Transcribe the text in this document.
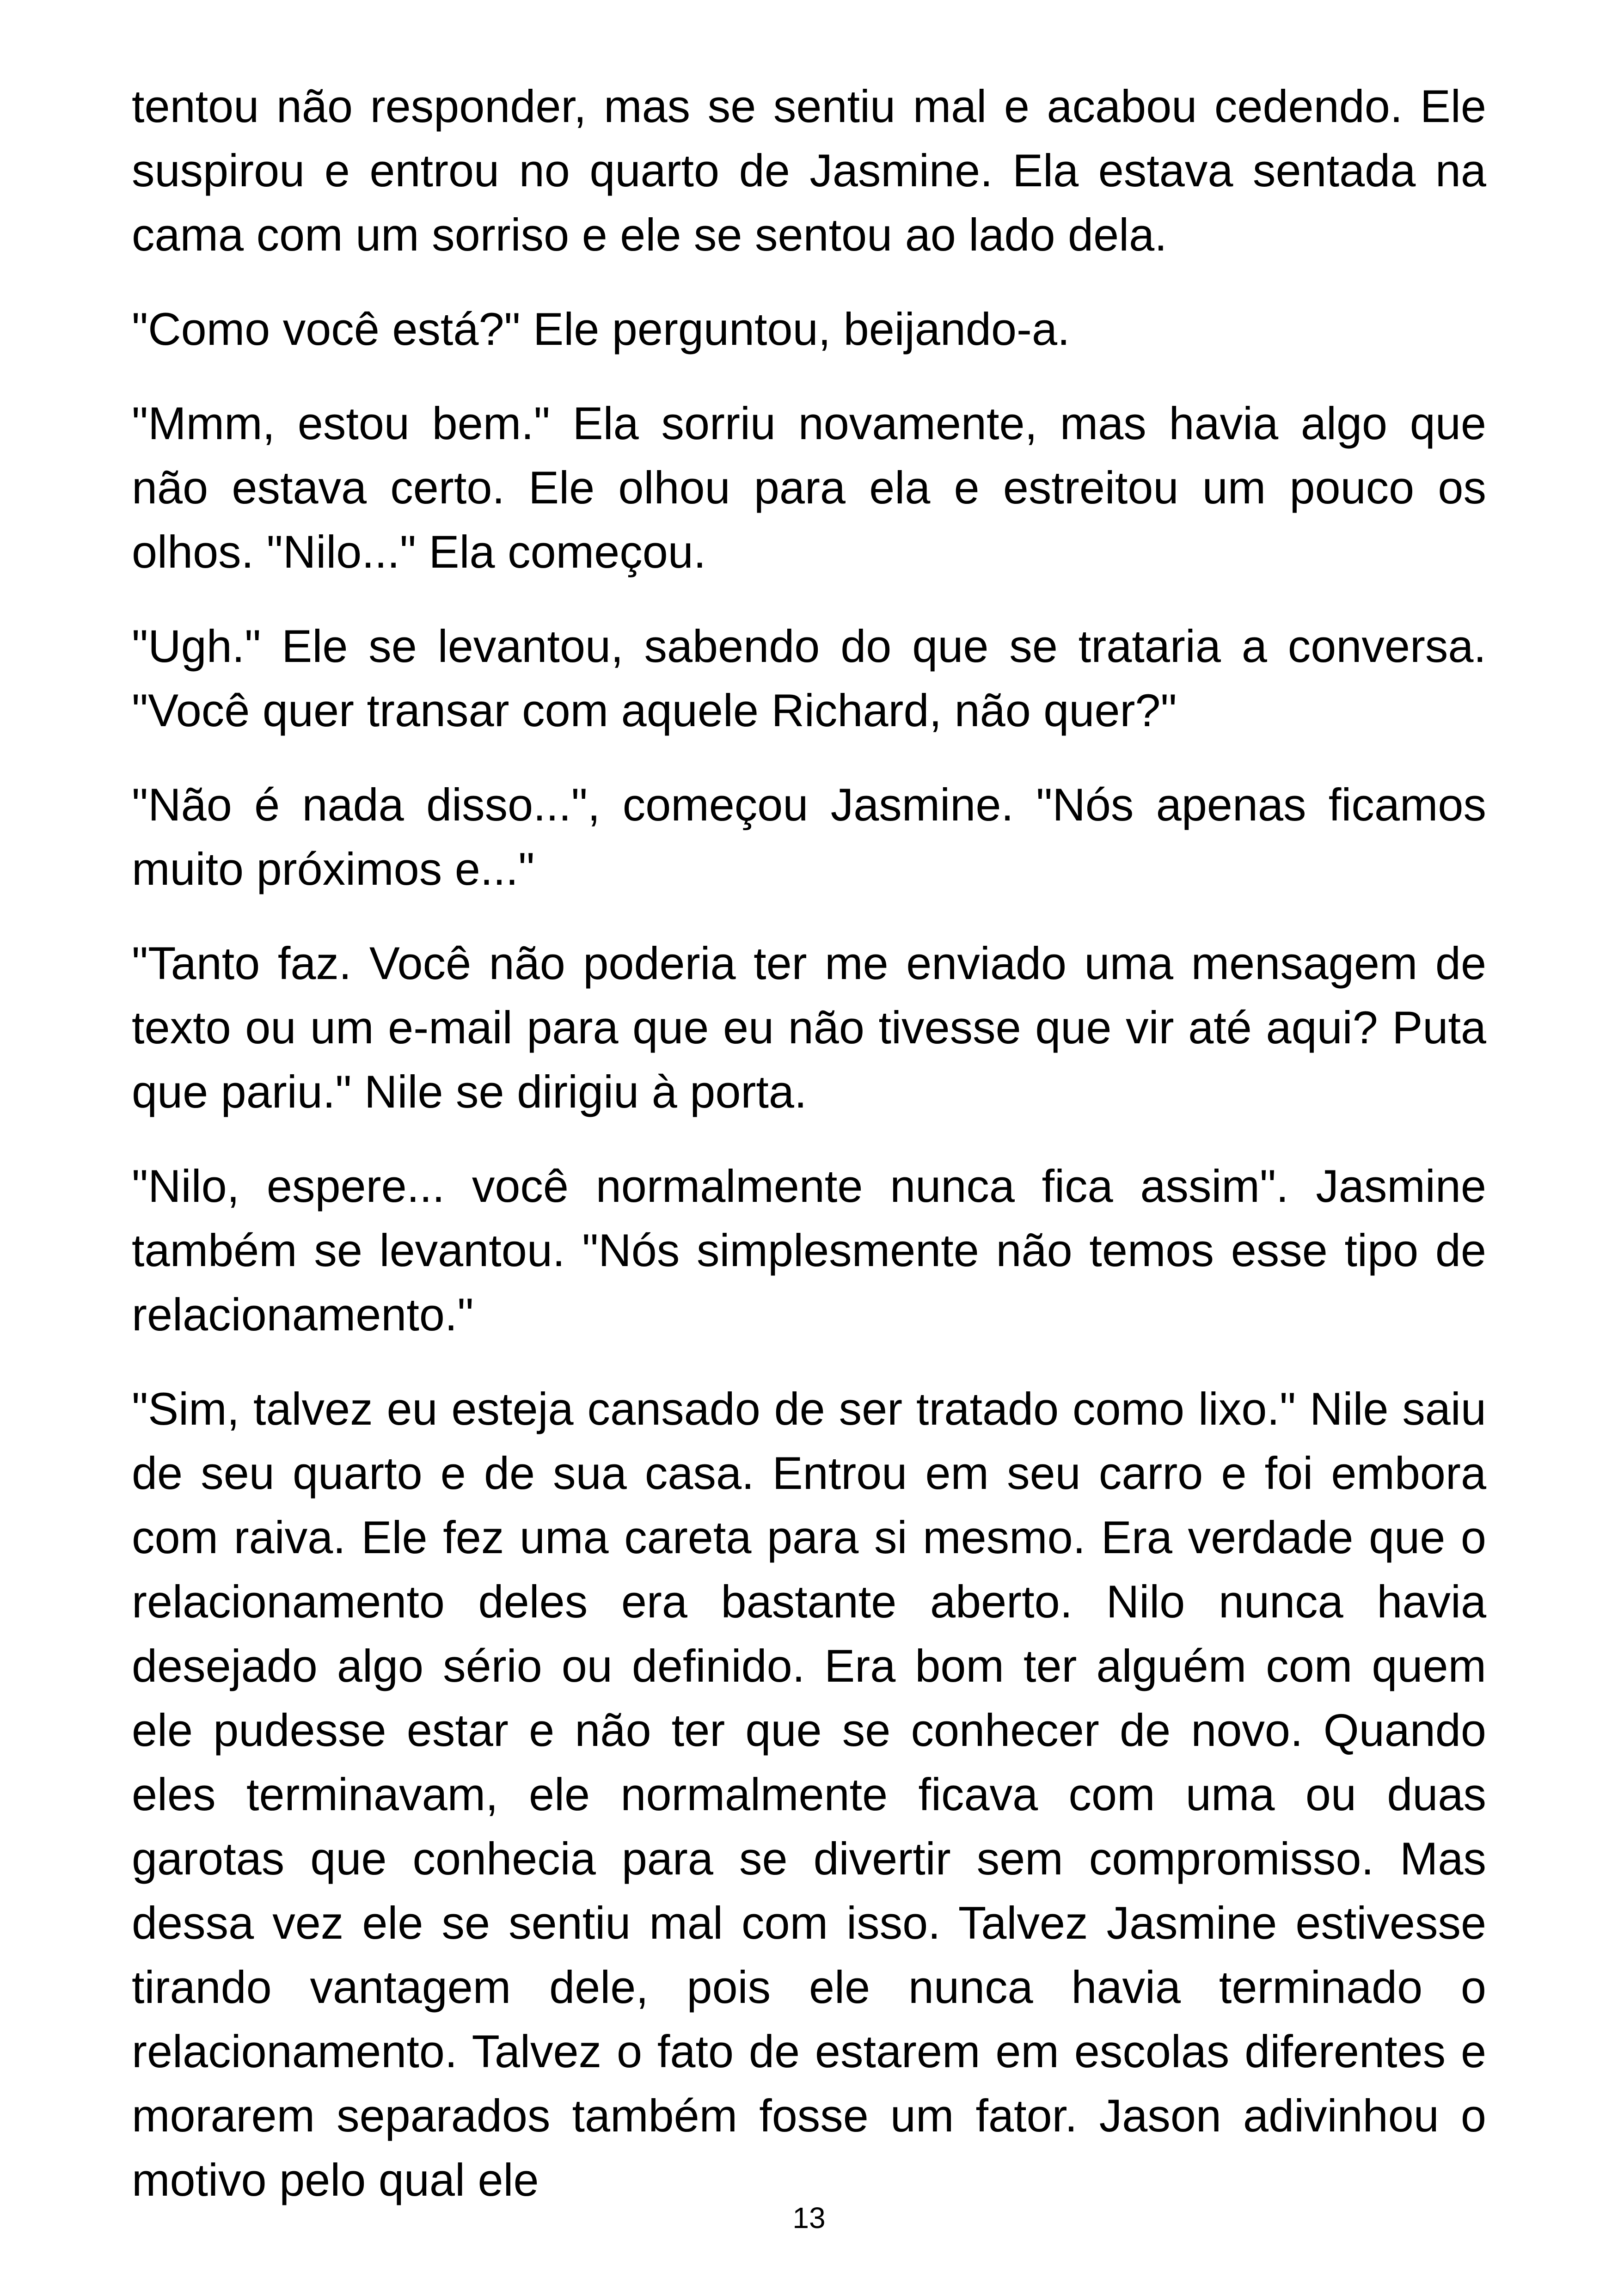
tentou não responder, mas se sentiu mal e acabou cedendo. Ele suspirou e entrou no quarto de Jasmine. Ela estava sentada na cama com um sorriso e ele se sentou ao lado dela.

"Como você está?" Ele perguntou, beijando-a.

"Mmm, estou bem." Ela sorriu novamente, mas havia algo que não estava certo. Ele olhou para ela e estreitou um pouco os olhos. "Nilo..." Ela começou.

"Ugh." Ele se levantou, sabendo do que se trataria a conversa. "Você quer transar com aquele Richard, não quer?"

"Não é nada disso...", começou Jasmine. "Nós apenas ficamos muito próximos e..."

"Tanto faz. Você não poderia ter me enviado uma mensagem de texto ou um e-mail para que eu não tivesse que vir até aqui? Puta que pariu." Nile se dirigiu à porta.

"Nilo, espere... você normalmente nunca fica assim". Jasmine também se levantou. "Nós simplesmente não temos esse tipo de relacionamento."

"Sim, talvez eu esteja cansado de ser tratado como lixo." Nile saiu de seu quarto e de sua casa. Entrou em seu carro e foi embora com raiva. Ele fez uma careta para si mesmo. Era verdade que o relacionamento deles era bastante aberto. Nilo nunca havia desejado algo sério ou definido. Era bom ter alguém com quem ele pudesse estar e não ter que se conhecer de novo. Quando eles terminavam, ele normalmente ficava com uma ou duas garotas que conhecia para se divertir sem compromisso. Mas dessa vez ele se sentiu mal com isso. Talvez Jasmine estivesse tirando vantagem dele, pois ele nunca havia terminado o relacionamento. Talvez o fato de estarem em escolas diferentes e morarem separados também fosse um fator. Jason adivinhou o motivo pelo qual ele

13
